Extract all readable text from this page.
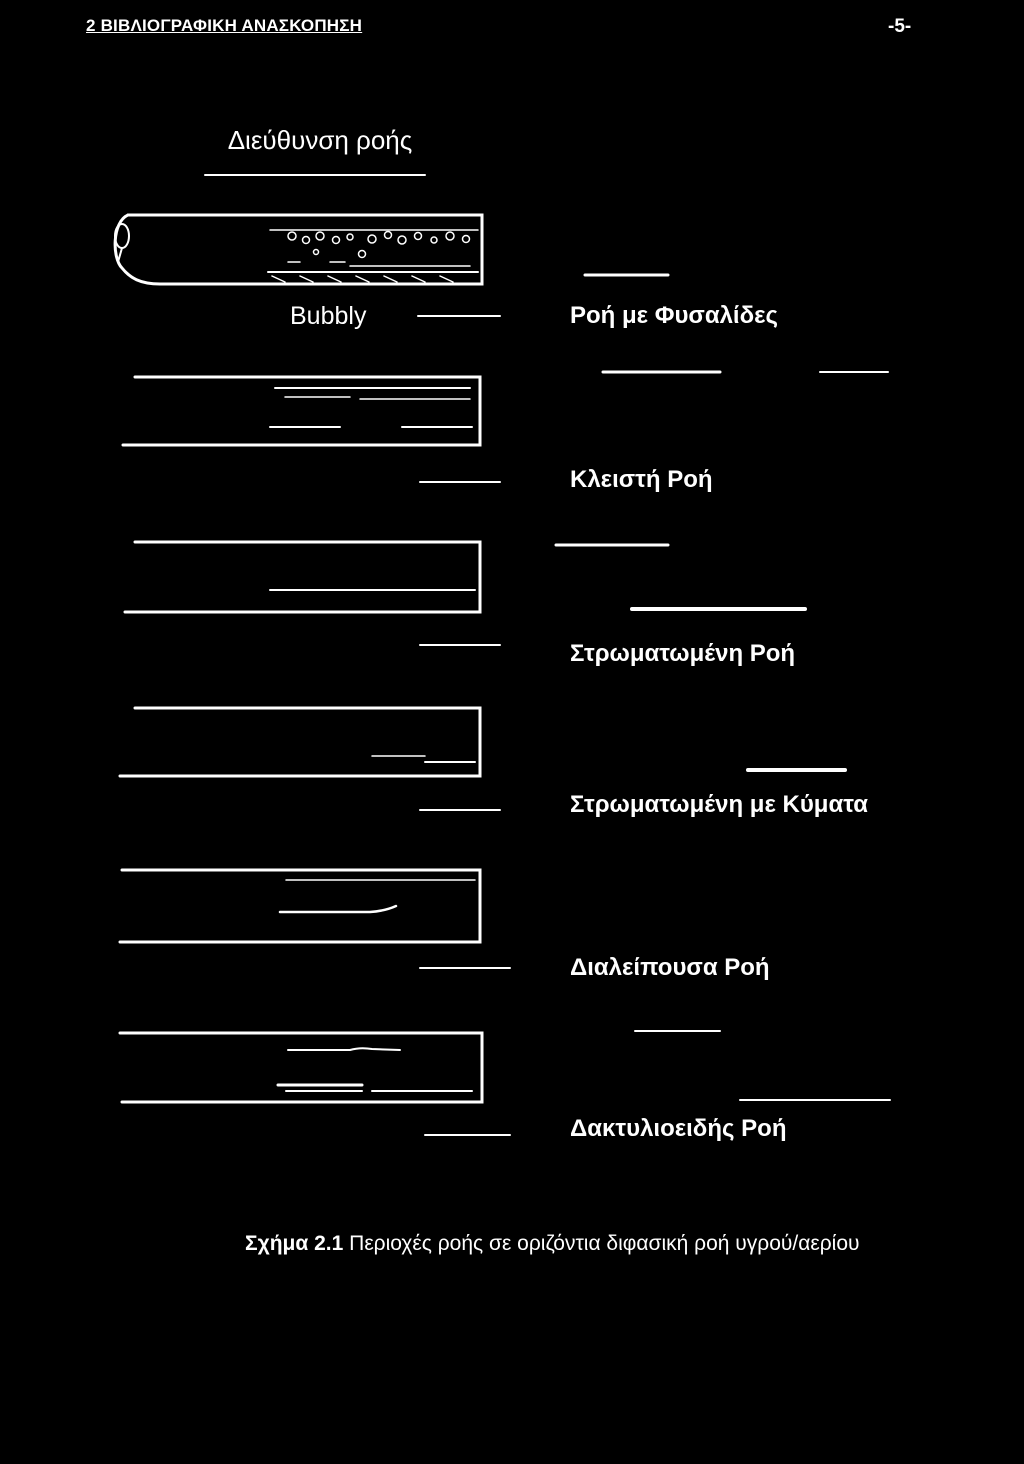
2 ΒΙΒΛΙΟΓΡΑΦΙΚΗ ΑΝΑΣΚΟΠΗΣΗ	-5-
Διεύθυνση ροής
Bubbly	Ροή με Φυσαλίδες
Κλειστή Ροή
Στρωματωμένη Ροή
Στρωματωμένη με Κύματα
Διαλείπουσα Ροή
Δακτυλιοειδής Ροή
Σχήμα 2.1 Περιοχές ροής σε οριζόντια διφασική ροή υγρού/αερίου
